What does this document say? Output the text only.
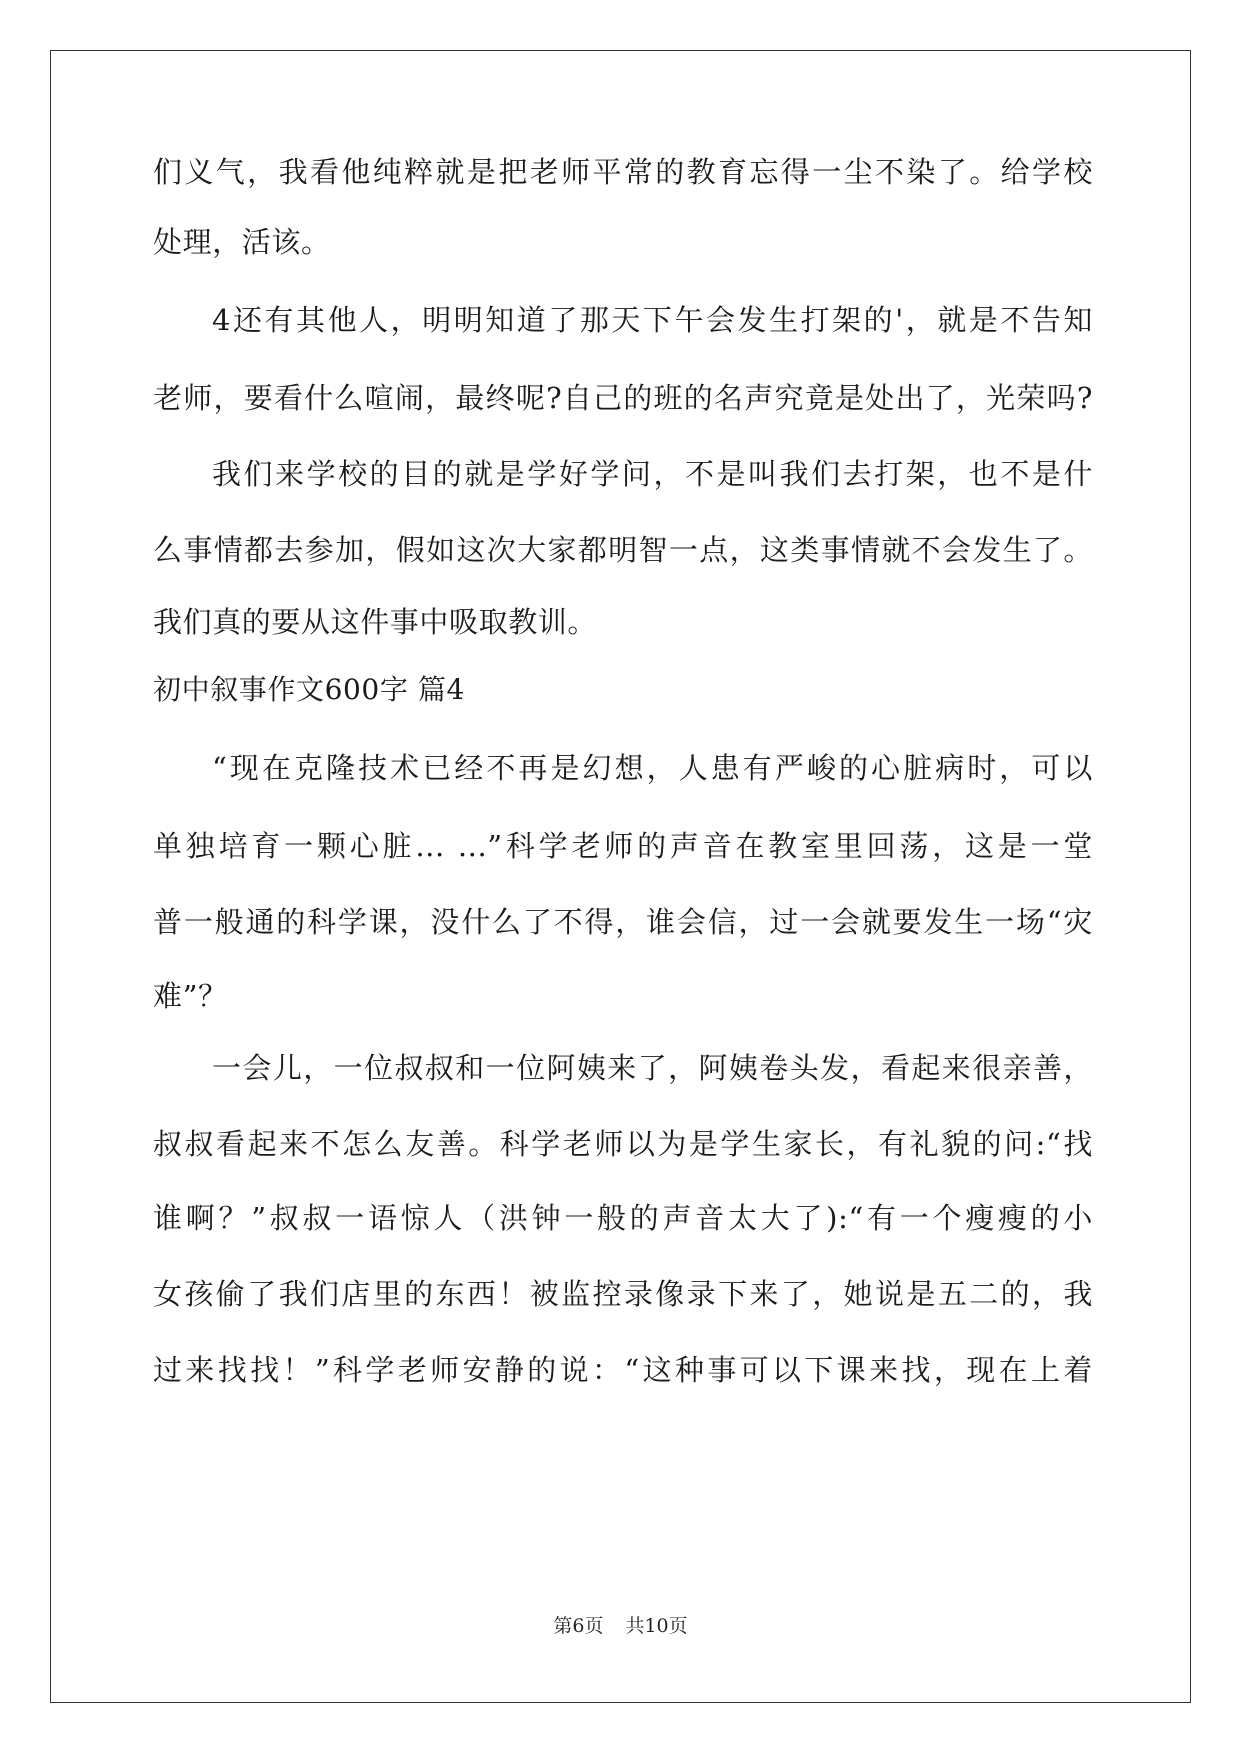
们义气，我看他纯粹就是把老师平常的教育忘得一尘不染了。给学校
处理，活该。
4还有其他人，明明知道了那天下午会发生打架的'，就是不告知
老师，要看什么喧闹，最终呢?自己的班的名声究竟是处出了，光荣吗?
我们来学校的目的就是学好学问，不是叫我们去打架，也不是什
么事情都去参加，假如这次大家都明智一点，这类事情就不会发生了。
我们真的要从这件事中吸取教训。
初中叙事作文600字 篇4
“现在克隆技术已经不再是幻想，人患有严峻的心脏病时，可以
单独培育一颗心脏... ...”科学老师的声音在教室里回荡，这是一堂
普一般通的科学课，没什么了不得，谁会信，过一会就要发生一场“灾
难”？
一会儿，一位叔叔和一位阿姨来了，阿姨卷头发，看起来很亲善，
叔叔看起来不怎么友善。科学老师以为是学生家长，有礼貌的问:“找
谁啊？”叔叔一语惊人（洪钟一般的声音太大了):“有一个瘦瘦的小
女孩偷了我们店里的东西！被监控录像录下来了，她说是五二的，我
过来找找！”科学老师安静的说：“这种事可以下课来找，现在上着
第6页 共10页
